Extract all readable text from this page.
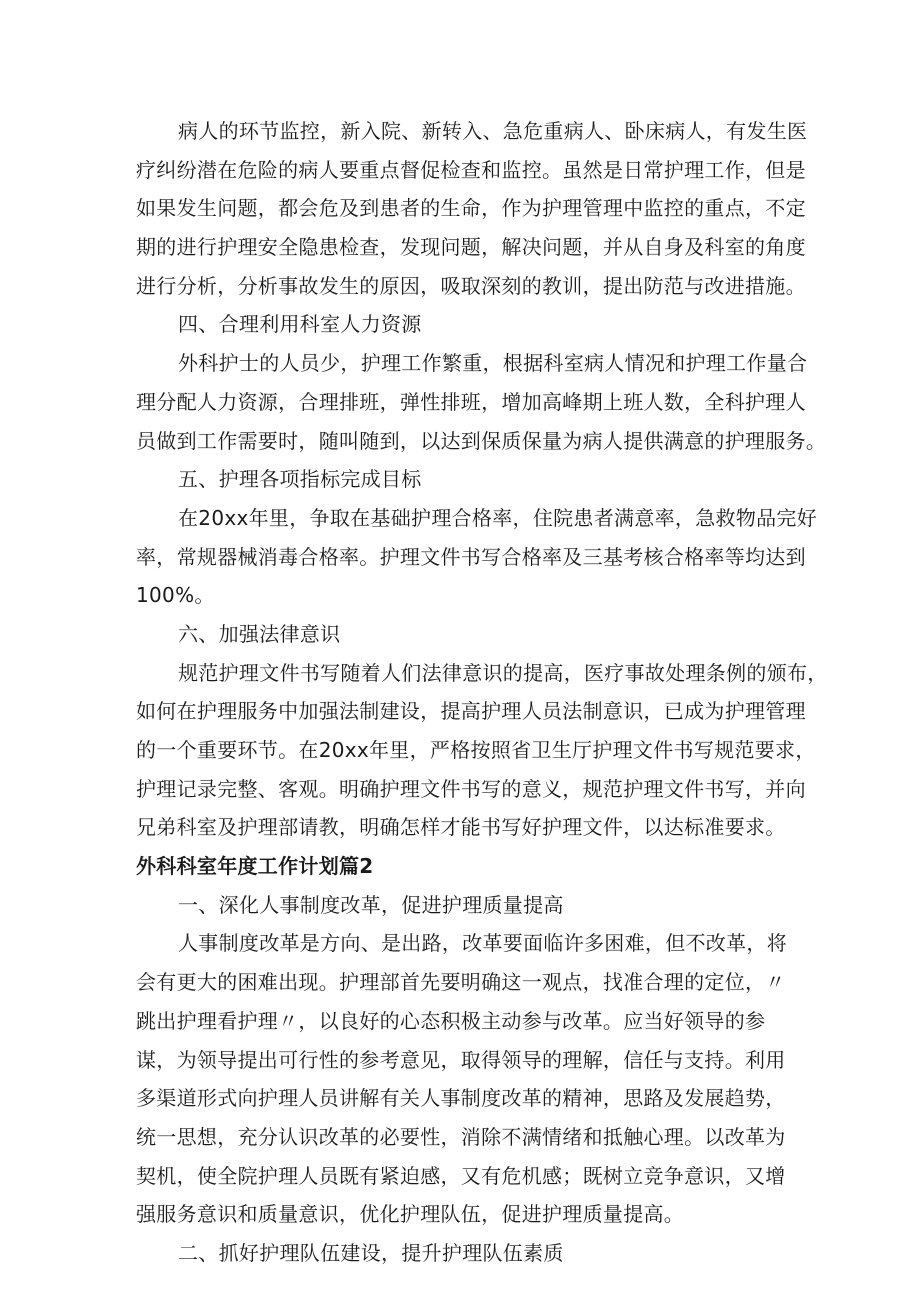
病人的环节监控，新入院、新转入、急危重病人、卧床病人，有发生医
疗纠纷潜在危险的病人要重点督促检查和监控。虽然是日常护理工作，但是
如果发生问题，都会危及到患者的生命，作为护理管理中监控的重点，不定
期的进行护理安全隐患检查，发现问题，解决问题，并从自身及科室的角度
进行分析，分析事故发生的原因，吸取深刻的教训，提出防范与改进措施。
四、合理利用科室人力资源
外科护士的人员少，护理工作繁重，根据科室病人情况和护理工作量合
理分配人力资源，合理排班，弹性排班，增加高峰期上班人数，全科护理人
员做到工作需要时，随叫随到，以达到保质保量为病人提供满意的护理服务。
五、护理各项指标完成目标
在20xx年里，争取在基础护理合格率，住院患者满意率，急救物品完好
率，常规器械消毒合格率。护理文件书写合格率及三基考核合格率等均达到
100%。
六、加强法律意识
规范护理文件书写随着人们法律意识的提高，医疗事故处理条例的颁布，
如何在护理服务中加强法制建设，提高护理人员法制意识，已成为护理管理
的一个重要环节。在20xx年里，严格按照省卫生厅护理文件书写规范要求，
护理记录完整、客观。明确护理文件书写的意义，规范护理文件书写，并向
兄弟科室及护理部请教，明确怎样才能书写好护理文件，以达标准要求。
外科科室年度工作计划篇2
一、深化人事制度改革，促进护理质量提高
人事制度改革是方向、是出路，改革要面临许多困难，但不改革，将
会有更大的困难出现。护理部首先要明确这一观点，找准合理的定位，〃
跳出护理看护理〃，以良好的心态积极主动参与改革。应当好领导的参
谋，为领导提出可行性的参考意见，取得领导的理解，信任与支持。利用
多渠道形式向护理人员讲解有关人事制度改革的精神，思路及发展趋势，
统一思想，充分认识改革的必要性，消除不满情绪和抵触心理。以改革为
契机，使全院护理人员既有紧迫感，又有危机感；既树立竞争意识，又增
强服务意识和质量意识，优化护理队伍，促进护理质量提高。
二、抓好护理队伍建设，提升护理队伍素质
